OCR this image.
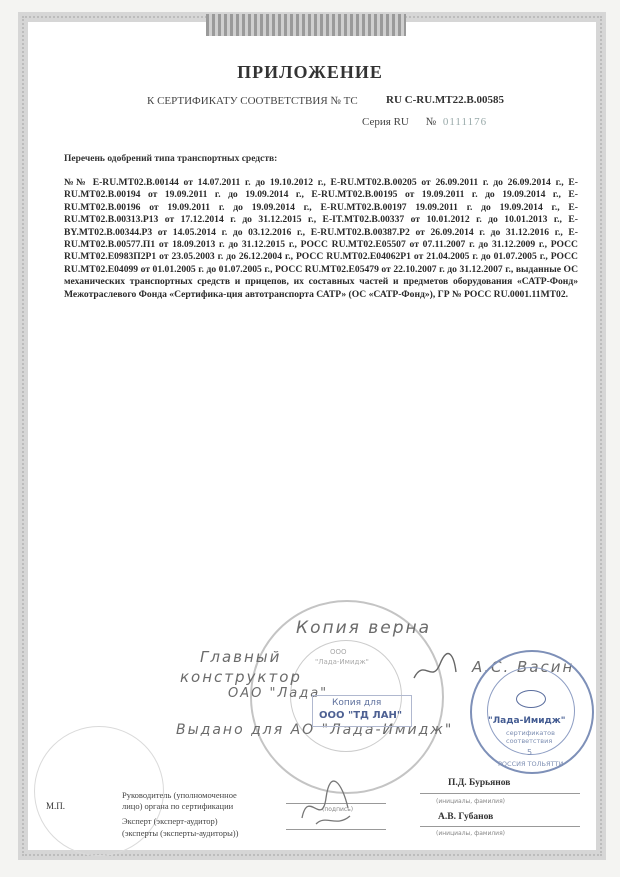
ПРИЛОЖЕНИЕ
К СЕРТИФИКАТУ СООТВЕТСТВИЯ № ТС	RU C-RU.MT22.B.00585
Серия RU № 0111176
Перечень одобрений типа транспортных средств:
№№ E-RU.MT02.B.00144 от 14.07.2011 г. до 19.10.2012 г., E-RU.MT02.B.00205 от 26.09.2011 г. до 26.09.2014 г., E-RU.MT02.B.00194 от 19.09.2011 г. до 19.09.2014 г., E-RU.MT02.B.00195 от 19.09.2011 г. до 19.09.2014 г., E-RU.MT02.B.00196 от 19.09.2011 г. до 19.09.2014 г., E-RU.MT02.B.00197 19.09.2011 г. до 19.09.2014 г., E-RU.MT02.B.00313.P13 от 17.12.2014 г. до 31.12.2015 г., E-IT.MT02.B.00337 от 10.01.2012 г. до 10.01.2013 г., E-BY.MT02.B.00344.P3 от 14.05.2014 г. до 03.12.2016 г., E-RU.MT02.B.00387.P2 от 26.09.2014 г. до 31.12.2016 г., E-RU.MT02.B.00577.П1 от 18.09.2013 г. до 31.12.2015 г., РОСС RU.MT02.E05507 от 07.11.2007 г. до 31.12.2009 г., РОСС RU.MT02.E0983П2Р1 от 23.05.2003 г. до 26.12.2004 г., РОСС RU.MT02.E04062P1 от 21.04.2005 г. до 01.07.2005 г., РОСС RU.MT02.E04099 от 01.01.2005 г. до 01.07.2005 г., РОСС RU.MT02.E05479 от 22.10.2007 г. до 31.12.2007 г., выданные ОС механических транспортных средств и прицепов, их составных частей и предметов оборудования «САТР-Фонд» Межотраслевого Фонда «Сертифика-ция автотранспорта САТР» (ОС «САТР-Фонд»), ГР № РОСС RU.0001.11МТ02.
ООО
"Лада-Имидж"
Копия верна
Главный
конструктор
ОАО "Лада"
А.С. Васин
Выдано для АО "Лада-Имидж"
Копия для
ООО "ТД ЛАН"	"Лада-Имидж"
сертификатов
соответствия
5
РОССИЯ ТОЛЬЯТТИ
М.П.
Руководитель (уполномоченное
лицо) органа по сертификации	(подпись)
П.Д. Бурьянов
(инициалы, фамилия)
Эксперт (эксперт-аудитор)
(эксперты (эксперты-аудиторы))
А.В. Губанов
(инициалы, фамилия)
